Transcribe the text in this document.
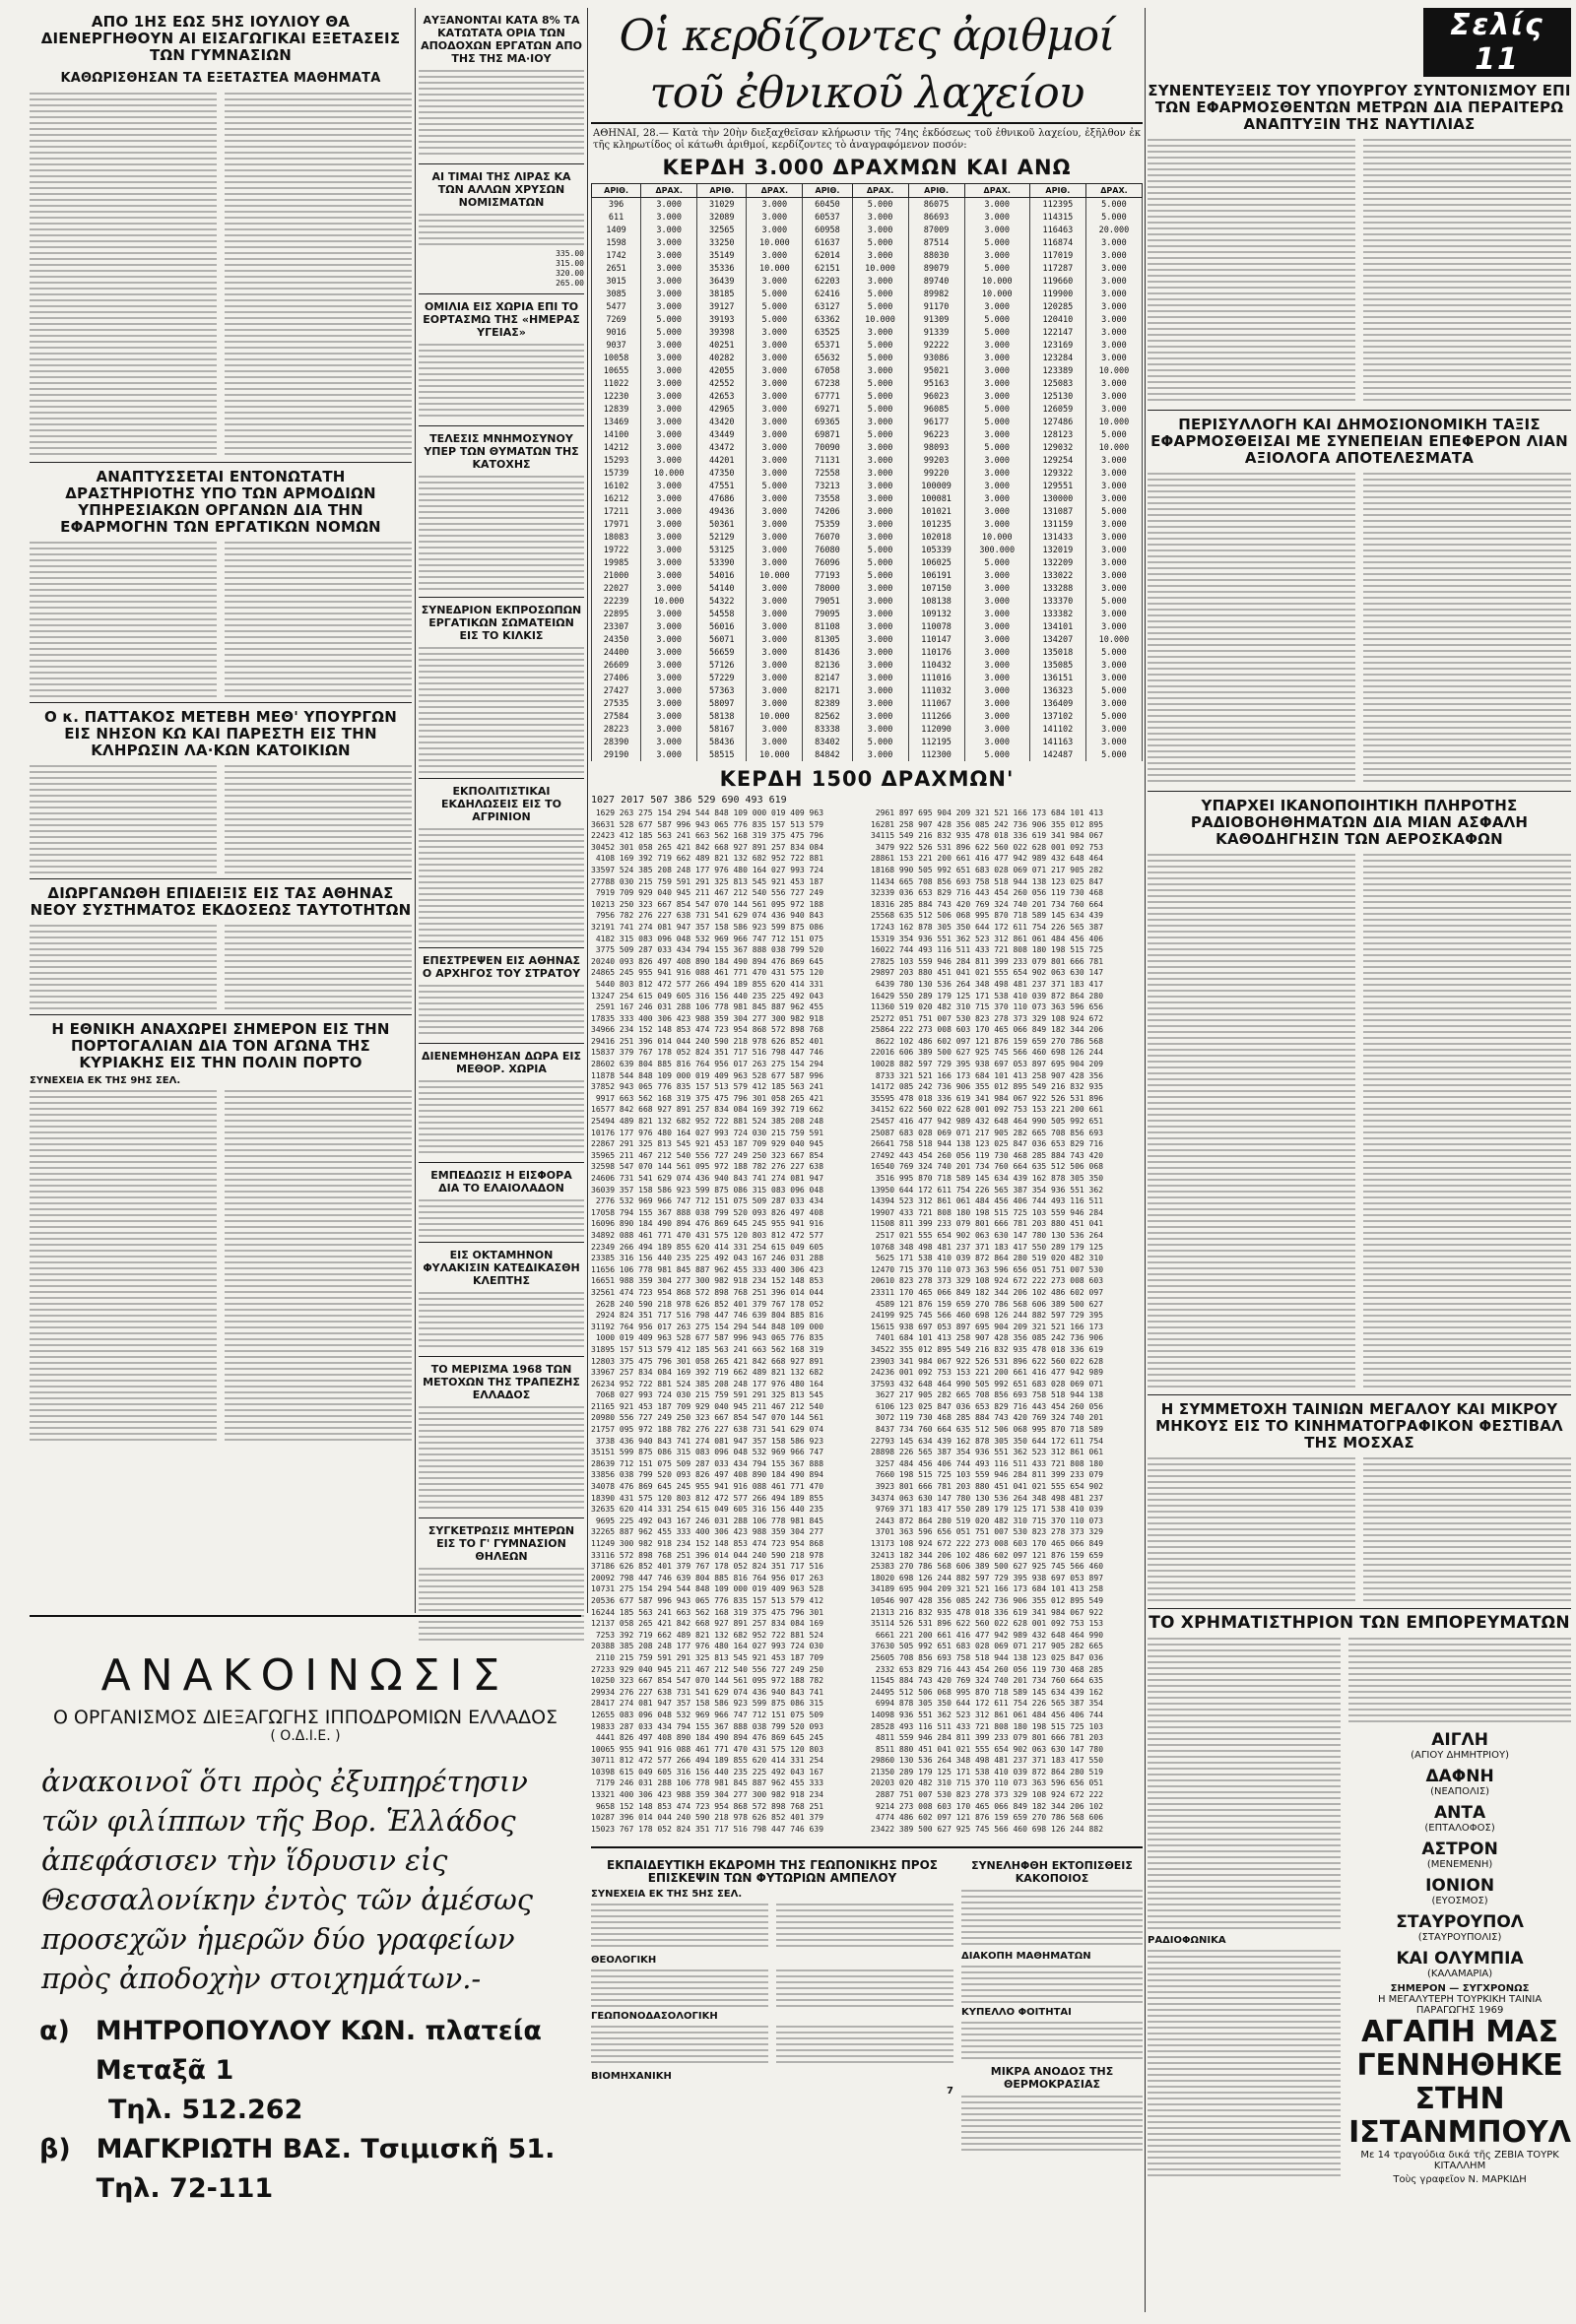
ΑΠΟ 1ΗΣ ΕΩΣ 5ΗΣ ΙΟΥΛΙΟΥ ΘΑ ΔΙΕΝΕΡΓΗΘΟΥΝ ΑΙ ΕΙΣΑΓΩΓΙΚΑΙ ΕΞΕΤΑΣΕΙΣ ΤΩΝ ΓΥΜΝΑΣΙΩΝ
ΚΑΘΩΡΙΣΘΗΣΑΝ ΤΑ ΕΞΕΤΑΣΤΕΑ ΜΑΘΗΜΑΤΑ
ΑΝΑΠΤΥΣΣΕΤΑΙ ΕΝΤΟΝΩΤΑΤΗ ΔΡΑΣΤΗΡΙΟΤΗΣ ΥΠΟ ΤΩΝ ΑΡΜΟΔΙΩΝ ΥΠΗΡΕΣΙΑΚΩΝ ΟΡΓΑΝΩΝ ΔΙΑ ΤΗΝ ΕΦΑΡΜΟΓΗΝ ΤΩΝ ΕΡΓΑΤΙΚΩΝ ΝΟΜΩΝ
Ο κ. ΠΑΤΤΑΚΟΣ ΜΕΤΕΒΗ ΜΕΘ' ΥΠΟΥΡΓΩΝ ΕΙΣ ΝΗΣΟΝ ΚΩ ΚΑΙ ΠΑΡΕΣΤΗ ΕΙΣ ΤΗΝ ΚΛΗΡΩΣΙΝ ΛΑ·ΚΩΝ ΚΑΤΟΙΚΙΩΝ
ΔΙΩΡΓΑΝΩΘΗ ΕΠΙΔΕΙΞΙΣ ΕΙΣ ΤΑΣ ΑΘΗΝΑΣ ΝΕΟΥ ΣΥΣΤΗΜΑΤΟΣ ΕΚΔΟΣΕΩΣ ΤΑΥΤΟΤΗΤΩΝ
Η ΕΘΝΙΚΗ ΑΝΑΧΩΡΕΙ ΣΗΜΕΡΟΝ ΕΙΣ ΤΗΝ ΠΟΡΤΟΓΑΛΙΑΝ ΔΙΑ ΤΟΝ ΑΓΩΝΑ ΤΗΣ ΚΥΡΙΑΚΗΣ ΕΙΣ ΤΗΝ ΠΟΛΙΝ ΠΟΡΤΟ
ΣΥΝΕΧΕΙΑ ΕΚ ΤΗΣ 9ΗΣ ΣΕΛ.
ΑΥΞΑΝΟΝΤΑΙ ΚΑΤΑ 8% ΤΑ ΚΑΤΩΤΑΤΑ ΟΡΙΑ ΤΩΝ ΑΠΟΔΟΧΩΝ ΕΡΓΑΤΩΝ ΑΠΟ ΤΗΣ ΤΗΣ ΜΑ·ΙΟΥ
ΑΙ ΤΙΜΑΙ ΤΗΣ ΛΙΡΑΣ ΚΑ ΤΩΝ ΑΛΛΩΝ ΧΡΥΣΩΝ ΝΟΜΙΣΜΑΤΩΝ
335.00
315.00
320.00
265.00
ΟΜΙΛΙΑ ΕΙΣ ΧΩΡΙΑ ΕΠΙ ΤΟ ΕΟΡΤΑΣΜΩ ΤΗΣ «ΗΜΕΡΑΣ ΥΓΕΙΑΣ»
ΤΕΛΕΣΙΣ ΜΝΗΜΟΣΥΝΟΥ ΥΠΕΡ ΤΩΝ ΘΥΜΑΤΩΝ ΤΗΣ ΚΑΤΟΧΗΣ
ΣΥΝΕΔΡΙΟΝ ΕΚΠΡΟΣΩΠΩΝ ΕΡΓΑΤΙΚΩΝ ΣΩΜΑΤΕΙΩΝ ΕΙΣ ΤΟ ΚΙΛΚΙΣ
ΕΚΠΟΛΙΤΙΣΤΙΚΑΙ ΕΚΔΗΛΩΣΕΙΣ ΕΙΣ ΤΟ ΑΓΡΙΝΙΟΝ
ΕΠΕΣΤΡΕΨΕΝ ΕΙΣ ΑΘΗΝΑΣ Ο ΑΡΧΗΓΟΣ ΤΟΥ ΣΤΡΑΤΟΥ
ΔΙΕΝΕΜΗΘΗΣΑΝ ΔΩΡΑ ΕΙΣ ΜΕΘΟΡ. ΧΩΡΙΑ
ΕΜΠΕΔΩΣΙΣ Η ΕΙΣΦΟΡΑ ΔΙΑ ΤΟ ΕΛΑΙΟΛΑΔΟΝ
ΕΙΣ ΟΚΤΑΜΗΝΟΝ ΦΥΛΑΚΙΣΙΝ ΚΑΤΕΔΙΚΑΣΘΗ ΚΛΕΠΤΗΣ
ΤΟ ΜΕΡΙΣΜΑ 1968 ΤΩΝ ΜΕΤΟΧΩΝ ΤΗΣ ΤΡΑΠΕΖΗΣ ΕΛΛΑΔΟΣ
ΣΥΓΚΕΤΡΩΣΙΣ ΜΗΤΕΡΩΝ ΕΙΣ ΤΟ Γ' ΓΥΜΝΑΣΙΟΝ ΘΗΛΕΩΝ
Οἱ κερδίζοντες ἀριθμοί τοῦ ἐθνικοῦ λαχείου
ΑΘΗΝΑΙ, 28.— Κατὰ τὴν 20ὴν διεξαχθεῖσαν κλήρωσιν τῆς 74ης ἐκδόσεως τοῦ ἐθνικοῦ λαχείου, ἐξῆλθον ἐκ τῆς κληρωτίδος οἱ κάτωθι ἀριθμοί, κερδίζοντες τὸ ἀναγραφόμενον ποσόν:
ΚΕΡΔΗ 3.000 ΔΡΑΧΜΩΝ ΚΑΙ ΑΝΩ
ΑΡΙΘ.	ΔΡΑΧ.	ΑΡΙΘ.	ΔΡΑΧ.	ΑΡΙΘ.	ΔΡΑΧ.	ΑΡΙΘ.	ΔΡΑΧ.	ΑΡΙΘ.	ΔΡΑΧ.
396	3.000	31029	3.000	60450	5.000	86075	3.000	112395	5.000
611	3.000	32089	3.000	60537	3.000	86693	3.000	114315	5.000
1409	3.000	32565	3.000	60958	3.000	87009	3.000	116463	20.000
1598	3.000	33250	10.000	61637	5.000	87514	5.000	116874	3.000
1742	3.000	35149	3.000	62014	3.000	88030	3.000	117019	3.000
2651	3.000	35336	10.000	62151	10.000	89079	5.000	117287	3.000
3015	3.000	36439	3.000	62203	3.000	89740	10.000	119660	3.000
3085	3.000	38185	5.000	62416	5.000	89982	10.000	119900	3.000
5477	3.000	39127	5.000	63127	5.000	91170	3.000	120285	3.000
7269	5.000	39193	5.000	63362	10.000	91309	5.000	120410	3.000
9016	5.000	39398	3.000	63525	3.000	91339	5.000	122147	3.000
9037	3.000	40251	3.000	65371	5.000	92222	3.000	123169	3.000
10058	3.000	40282	3.000	65632	5.000	93086	3.000	123284	3.000
10655	3.000	42055	3.000	67058	3.000	95021	3.000	123389	10.000
11022	3.000	42552	3.000	67238	5.000	95163	3.000	125083	3.000
12230	3.000	42653	3.000	67771	5.000	96023	3.000	125130	3.000
12839	3.000	42965	3.000	69271	5.000	96085	5.000	126059	3.000
13469	3.000	43420	3.000	69365	3.000	96177	5.000	127486	10.000
14100	3.000	43449	3.000	69871	5.000	96223	3.000	128123	5.000
14212	3.000	43472	3.000	70090	3.000	98093	5.000	129032	10.000
15293	3.000	44201	3.000	71131	3.000	99203	3.000	129254	3.000
15739	10.000	47350	3.000	72558	3.000	99220	3.000	129322	3.000
16102	3.000	47551	5.000	73213	3.000	100009	3.000	129551	3.000
16212	3.000	47686	3.000	73558	3.000	100081	3.000	130000	3.000
17211	3.000	49436	3.000	74206	3.000	101021	3.000	131087	5.000
17971	3.000	50361	3.000	75359	3.000	101235	3.000	131159	3.000
18083	3.000	52129	3.000	76070	3.000	102018	10.000	131433	3.000
19722	3.000	53125	3.000	76080	5.000	105339	300.000	132019	3.000
19985	3.000	53390	3.000	76096	5.000	106025	5.000	132209	3.000
21000	3.000	54016	10.000	77193	5.000	106191	3.000	133022	3.000
22027	3.000	54140	3.000	78000	3.000	107150	3.000	133288	3.000
22239	10.000	54322	3.000	79051	3.000	108138	3.000	133370	5.000
22895	3.000	54558	3.000	79095	3.000	109132	3.000	133382	3.000
23307	3.000	56016	3.000	81108	3.000	110078	3.000	134101	3.000
24350	3.000	56071	3.000	81305	3.000	110147	3.000	134207	10.000
24400	3.000	56659	3.000	81436	3.000	110176	3.000	135018	5.000
26609	3.000	57126	3.000	82136	3.000	110432	3.000	135085	3.000
27406	3.000	57229	3.000	82147	3.000	111016	3.000	136151	3.000
27427	3.000	57363	3.000	82171	3.000	111032	3.000	136323	5.000
27535	3.000	58097	3.000	82389	3.000	111067	3.000	136409	3.000
27584	3.000	58138	10.000	82562	3.000	111266	3.000	137102	5.000
28223	3.000	58167	3.000	83338	3.000	112090	3.000	141102	3.000
28390	3.000	58436	3.000	83402	5.000	112195	3.000	141163	3.000
29190	3.000	58515	10.000	84842	3.000	112300	5.000	142487	5.000
ΚΕΡΔΗ 1500 ΔΡΑΧΜΩΝ'
1027 2017 507 386 529 690 493 619
1629 263 275 154 294 544 848 109 000 019 409 963
36631 528 677 587 996 943 065 776 835 157 513 579
22423 412 185 563 241 663 562 168 319 375 475 796
30452 301 058 265 421 842 668 927 891 257 834 084
4108 169 392 719 662 489 821 132 682 952 722 881
33597 524 385 208 248 177 976 480 164 027 993 724
27788 030 215 759 591 291 325 813 545 921 453 187
7919 709 929 040 945 211 467 212 540 556 727 249
10213 250 323 667 854 547 070 144 561 095 972 188
7956 782 276 227 638 731 541 629 074 436 940 843
32191 741 274 081 947 357 158 586 923 599 875 086
4182 315 083 096 048 532 969 966 747 712 151 075
3775 509 287 033 434 794 155 367 888 038 799 520
20240 093 826 497 408 890 184 490 894 476 869 645
24865 245 955 941 916 088 461 771 470 431 575 120
5440 803 812 472 577 266 494 189 855 620 414 331
13247 254 615 049 605 316 156 440 235 225 492 043
2591 167 246 031 288 106 778 981 845 887 962 455
17835 333 400 306 423 988 359 304 277 300 982 918
34966 234 152 148 853 474 723 954 868 572 898 768
29416 251 396 014 044 240 590 218 978 626 852 401
15837 379 767 178 052 824 351 717 516 798 447 746
28602 639 804 885 816 764 956 017 263 275 154 294
11878 544 848 109 000 019 409 963 528 677 587 996
37852 943 065 776 835 157 513 579 412 185 563 241
9917 663 562 168 319 375 475 796 301 058 265 421
16577 842 668 927 891 257 834 084 169 392 719 662
25494 489 821 132 682 952 722 881 524 385 208 248
10176 177 976 480 164 027 993 724 030 215 759 591
22867 291 325 813 545 921 453 187 709 929 040 945
35965 211 467 212 540 556 727 249 250 323 667 854
32598 547 070 144 561 095 972 188 782 276 227 638
24606 731 541 629 074 436 940 843 741 274 081 947
36039 357 158 586 923 599 875 086 315 083 096 048
2776 532 969 966 747 712 151 075 509 287 033 434
17058 794 155 367 888 038 799 520 093 826 497 408
16096 890 184 490 894 476 869 645 245 955 941 916
34892 088 461 771 470 431 575 120 803 812 472 577
22349 266 494 189 855 620 414 331 254 615 049 605
23385 316 156 440 235 225 492 043 167 246 031 288
11656 106 778 981 845 887 962 455 333 400 306 423
16651 988 359 304 277 300 982 918 234 152 148 853
32561 474 723 954 868 572 898 768 251 396 014 044
2628 240 590 218 978 626 852 401 379 767 178 052
2924 824 351 717 516 798 447 746 639 804 885 816
31192 764 956 017 263 275 154 294 544 848 109 000
1000 019 409 963 528 677 587 996 943 065 776 835
31895 157 513 579 412 185 563 241 663 562 168 319
12803 375 475 796 301 058 265 421 842 668 927 891
33967 257 834 084 169 392 719 662 489 821 132 682
26234 952 722 881 524 385 208 248 177 976 480 164
7068 027 993 724 030 215 759 591 291 325 813 545
21165 921 453 187 709 929 040 945 211 467 212 540
20980 556 727 249 250 323 667 854 547 070 144 561
21757 095 972 188 782 276 227 638 731 541 629 074
3738 436 940 843 741 274 081 947 357 158 586 923
35151 599 875 086 315 083 096 048 532 969 966 747
28639 712 151 075 509 287 033 434 794 155 367 888
33856 038 799 520 093 826 497 408 890 184 490 894
34078 476 869 645 245 955 941 916 088 461 771 470
18390 431 575 120 803 812 472 577 266 494 189 855
32635 620 414 331 254 615 049 605 316 156 440 235
9695 225 492 043 167 246 031 288 106 778 981 845
32265 887 962 455 333 400 306 423 988 359 304 277
11249 300 982 918 234 152 148 853 474 723 954 868
33116 572 898 768 251 396 014 044 240 590 218 978
37186 626 852 401 379 767 178 052 824 351 717 516
20092 798 447 746 639 804 885 816 764 956 017 263
10731 275 154 294 544 848 109 000 019 409 963 528
20536 677 587 996 943 065 776 835 157 513 579 412
16244 185 563 241 663 562 168 319 375 475 796 301
12137 058 265 421 842 668 927 891 257 834 084 169
7253 392 719 662 489 821 132 682 952 722 881 524
20388 385 208 248 177 976 480 164 027 993 724 030
2110 215 759 591 291 325 813 545 921 453 187 709
27233 929 040 945 211 467 212 540 556 727 249 250
10250 323 667 854 547 070 144 561 095 972 188 782
29934 276 227 638 731 541 629 074 436 940 843 741
28417 274 081 947 357 158 586 923 599 875 086 315
12655 083 096 048 532 969 966 747 712 151 075 509
19833 287 033 434 794 155 367 888 038 799 520 093
4441 826 497 408 890 184 490 894 476 869 645 245
10065 955 941 916 088 461 771 470 431 575 120 803
30711 812 472 577 266 494 189 855 620 414 331 254
10398 615 049 605 316 156 440 235 225 492 043 167
7179 246 031 288 106 778 981 845 887 962 455 333
13321 400 306 423 988 359 304 277 300 982 918 234
9658 152 148 853 474 723 954 868 572 898 768 251
10287 396 014 044 240 590 218 978 626 852 401 379
15023 767 178 052 824 351 717 516 798 447 746 639
2961 897 695 904 209 321 521 166 173 684 101 413
16281 258 907 428 356 085 242 736 906 355 012 895
34115 549 216 832 935 478 018 336 619 341 984 067
3479 922 526 531 896 622 560 022 628 001 092 753
28861 153 221 200 661 416 477 942 989 432 648 464
18168 990 505 992 651 683 028 069 071 217 905 282
11434 665 708 856 693 758 518 944 138 123 025 847
32339 036 653 829 716 443 454 260 056 119 730 468
18316 285 884 743 420 769 324 740 201 734 760 664
25568 635 512 506 068 995 870 718 589 145 634 439
17243 162 878 305 350 644 172 611 754 226 565 387
15319 354 936 551 362 523 312 861 061 484 456 406
16022 744 493 116 511 433 721 808 180 198 515 725
27825 103 559 946 284 811 399 233 079 801 666 781
29897 203 880 451 041 021 555 654 902 063 630 147
6439 780 130 536 264 348 498 481 237 371 183 417
16429 550 289 179 125 171 538 410 039 872 864 280
11360 519 020 482 310 715 370 110 073 363 596 656
25272 051 751 007 530 823 278 373 329 108 924 672
25864 222 273 008 603 170 465 066 849 182 344 206
8622 102 486 602 097 121 876 159 659 270 786 568
22016 606 389 500 627 925 745 566 460 698 126 244
10028 882 597 729 395 938 697 053 897 695 904 209
8733 321 521 166 173 684 101 413 258 907 428 356
14172 085 242 736 906 355 012 895 549 216 832 935
35595 478 018 336 619 341 984 067 922 526 531 896
34152 622 560 022 628 001 092 753 153 221 200 661
25457 416 477 942 989 432 648 464 990 505 992 651
25087 683 028 069 071 217 905 282 665 708 856 693
26641 758 518 944 138 123 025 847 036 653 829 716
27492 443 454 260 056 119 730 468 285 884 743 420
16540 769 324 740 201 734 760 664 635 512 506 068
3516 995 870 718 589 145 634 439 162 878 305 350
13950 644 172 611 754 226 565 387 354 936 551 362
14394 523 312 861 061 484 456 406 744 493 116 511
19907 433 721 808 180 198 515 725 103 559 946 284
11508 811 399 233 079 801 666 781 203 880 451 041
2517 021 555 654 902 063 630 147 780 130 536 264
10768 348 498 481 237 371 183 417 550 289 179 125
5625 171 538 410 039 872 864 280 519 020 482 310
12470 715 370 110 073 363 596 656 051 751 007 530
20610 823 278 373 329 108 924 672 222 273 008 603
23311 170 465 066 849 182 344 206 102 486 602 097
4589 121 876 159 659 270 786 568 606 389 500 627
24199 925 745 566 460 698 126 244 882 597 729 395
15615 938 697 053 897 695 904 209 321 521 166 173
7401 684 101 413 258 907 428 356 085 242 736 906
34522 355 012 895 549 216 832 935 478 018 336 619
23903 341 984 067 922 526 531 896 622 560 022 628
24236 001 092 753 153 221 200 661 416 477 942 989
37593 432 648 464 990 505 992 651 683 028 069 071
3627 217 905 282 665 708 856 693 758 518 944 138
6106 123 025 847 036 653 829 716 443 454 260 056
3072 119 730 468 285 884 743 420 769 324 740 201
8437 734 760 664 635 512 506 068 995 870 718 589
22793 145 634 439 162 878 305 350 644 172 611 754
28898 226 565 387 354 936 551 362 523 312 861 061
3257 484 456 406 744 493 116 511 433 721 808 180
7660 198 515 725 103 559 946 284 811 399 233 079
3923 801 666 781 203 880 451 041 021 555 654 902
34374 063 630 147 780 130 536 264 348 498 481 237
9769 371 183 417 550 289 179 125 171 538 410 039
2443 872 864 280 519 020 482 310 715 370 110 073
3701 363 596 656 051 751 007 530 823 278 373 329
13173 108 924 672 222 273 008 603 170 465 066 849
32413 182 344 206 102 486 602 097 121 876 159 659
25383 270 786 568 606 389 500 627 925 745 566 460
18020 698 126 244 882 597 729 395 938 697 053 897
34189 695 904 209 321 521 166 173 684 101 413 258
10546 907 428 356 085 242 736 906 355 012 895 549
21313 216 832 935 478 018 336 619 341 984 067 922
35114 526 531 896 622 560 022 628 001 092 753 153
6661 221 200 661 416 477 942 989 432 648 464 990
37630 505 992 651 683 028 069 071 217 905 282 665
25605 708 856 693 758 518 944 138 123 025 847 036
2332 653 829 716 443 454 260 056 119 730 468 285
11545 884 743 420 769 324 740 201 734 760 664 635
24495 512 506 068 995 870 718 589 145 634 439 162
6994 878 305 350 644 172 611 754 226 565 387 354
14098 936 551 362 523 312 861 061 484 456 406 744
28528 493 116 511 433 721 808 180 198 515 725 103
4811 559 946 284 811 399 233 079 801 666 781 203
8511 880 451 041 021 555 654 902 063 630 147 780
29860 130 536 264 348 498 481 237 371 183 417 550
21350 289 179 125 171 538 410 039 872 864 280 519
20203 020 482 310 715 370 110 073 363 596 656 051
2887 751 007 530 823 278 373 329 108 924 672 222
9214 273 008 603 170 465 066 849 182 344 206 102
4774 486 602 097 121 876 159 659 270 786 568 606
23422 389 500 627 925 745 566 460 698 126 244 882
ΕΚΠΑΙΔΕΥΤΙΚΗ ΕΚΔΡΟΜΗ ΤΗΣ ΓΕΩΠΟΝΙΚΗΣ ΠΡΟΣ ΕΠΙΣΚΕΨΙΝ ΤΩΝ ΦΥΤΩΡΙΩΝ ΑΜΠΕΛΟΥ
ΣΥΝΕΧΕΙΑ ΕΚ ΤΗΣ 5ΗΣ ΣΕΛ.
ΘΕΟΛΟΓΙΚΗ
ΓΕΩΠΟΝΟΔΑΣΟΛΟΓΙΚΗ
ΒΙΟΜΗΧΑΝΙΚΗ
7
ΣΥΝΕΛΗΦΘΗ ΕΚΤΟΠΙΣΘΕΙΣ ΚΑΚΟΠΟΙΟΣ
ΔΙΑΚΟΠΗ ΜΑΘΗΜΑΤΩΝ
ΚΥΠΕΛΛΟ ΦΟΙΤΗΤΑΙ
ΜΙΚΡΑ ΑΝΟΔΟΣ ΤΗΣ ΘΕΡΜΟΚΡΑΣΙΑΣ
ΑΝΑΚΟΙΝΩΣΙΣ
Ο ΟΡΓΑΝΙΣΜΟΣ ΔΙΕΞΑΓΩΓΗΣ ΙΠΠΟΔΡΟΜΙΩΝ ΕΛΛΑΔΟΣ
( Ο.Δ.Ι.Ε. )
ἀνακοινοῖ ὅτι πρὸς ἐξυπηρέτησιν τῶν φιλίππων τῆς Βορ. Ἑλλάδος ἀπεφάσισεν τὴν ἵδρυσιν εἰς Θεσσαλονίκην ἐντὸς τῶν ἀμέσως προσεχῶν ἡμερῶν δύο γραφείων πρὸς ἀποδοχὴν στοιχημάτων.-
α) ΜΗΤΡΟΠΟΥΛΟΥ ΚΩΝ. πλατεία Μεταξᾶ 1
Τηλ. 512.262
β) ΜΑΓΚΡΙΩΤΗ ΒΑΣ. Τσιμισκῆ 51. Τηλ. 72-111
Σελίς 11
ΣΥΝΕΝΤΕΥΞΕΙΣ ΤΟΥ ΥΠΟΥΡΓΟΥ ΣΥΝΤΟΝΙΣΜΟΥ ΕΠΙ ΤΩΝ ΕΦΑΡΜΟΣΘΕΝΤΩΝ ΜΕΤΡΩΝ ΔΙΑ ΠΕΡΑΙΤΕΡΩ ΑΝΑΠΤΥΞΙΝ ΤΗΣ ΝΑΥΤΙΛΙΑΣ
ΠΕΡΙΣΥΛΛΟΓΗ ΚΑΙ ΔΗΜΟΣΙΟΝΟΜΙΚΗ ΤΑΞΙΣ ΕΦΑΡΜΟΣΘΕΙΣΑΙ ΜΕ ΣΥΝΕΠΕΙΑΝ ΕΠΕΦΕΡΟΝ ΛΙΑΝ ΑΞΙΟΛΟΓΑ ΑΠΟΤΕΛΕΣΜΑΤΑ
ΥΠΑΡΧΕΙ ΙΚΑΝΟΠΟΙΗΤΙΚΗ ΠΛΗΡΟΤΗΣ ΡΑΔΙΟΒΟΗΘΗΜΑΤΩΝ ΔΙΑ ΜΙΑΝ ΑΣΦΑΛΗ ΚΑΘΟΔΗΓΗΣΙΝ ΤΩΝ ΑΕΡΟΣΚΑΦΩΝ
Η ΣΥΜΜΕΤΟΧΗ ΤΑΙΝΙΩΝ ΜΕΓΑΛΟΥ ΚΑΙ ΜΙΚΡΟΥ ΜΗΚΟΥΣ ΕΙΣ ΤΟ ΚΙΝΗΜΑΤΟΓΡΑΦΙΚΟΝ ΦΕΣΤΙΒΑΛ ΤΗΣ ΜΟΣΧΑΣ
ΤΟ ΧΡΗΜΑΤΙΣΤΗΡΙΟΝ ΤΩΝ ΕΜΠΟΡΕΥΜΑΤΩΝ
ΡΑΔΙΟΦΩΝΙΚΑ
ΑΙΓΛΗ
(ΑΓΙΟΥ ΔΗΜΗΤΡΙΟΥ)
ΔΑΦΝΗ
(ΝΕΑΠΟΛΙΣ)
ΑΝΤΑ
(ΕΠΤΑΛΟΦΟΣ)
ΑΣΤΡΟΝ
(ΜΕΝΕΜΕΝΗ)
ΙΟΝΙΟΝ
(ΕΥΟΣΜΟΣ)
ΣΤΑΥΡΟΥΠΟΛ
(ΣΤΑΥΡΟΥΠΟΛΙΣ)
ΚΑΙ ΟΛΥΜΠΙΑ
(ΚΑΛΑΜΑΡΙΑ)
ΣΗΜΕΡΟΝ — ΣΥΓΧΡΟΝΩΣ
Η ΜΕΓΑΛΥΤΕΡΗ ΤΟΥΡΚΙΚΗ ΤΑΙΝΙΑ ΠΑΡΑΓΩΓΗΣ 1969
ΑΓΑΠΗ ΜΑΣ ΓΕΝΝΗΘΗΚΕ ΣΤΗΝ ΙΣΤΑΝΜΠΟΥΛ
Με 14 τραγούδια δικά τῆς ΖΕΒΙΑ ΤΟΥΡΚ ΚΙΤΑΛΛΗΜ
Τοὺς γραφεῖον Ν. ΜΑΡΚΙΔΗ
